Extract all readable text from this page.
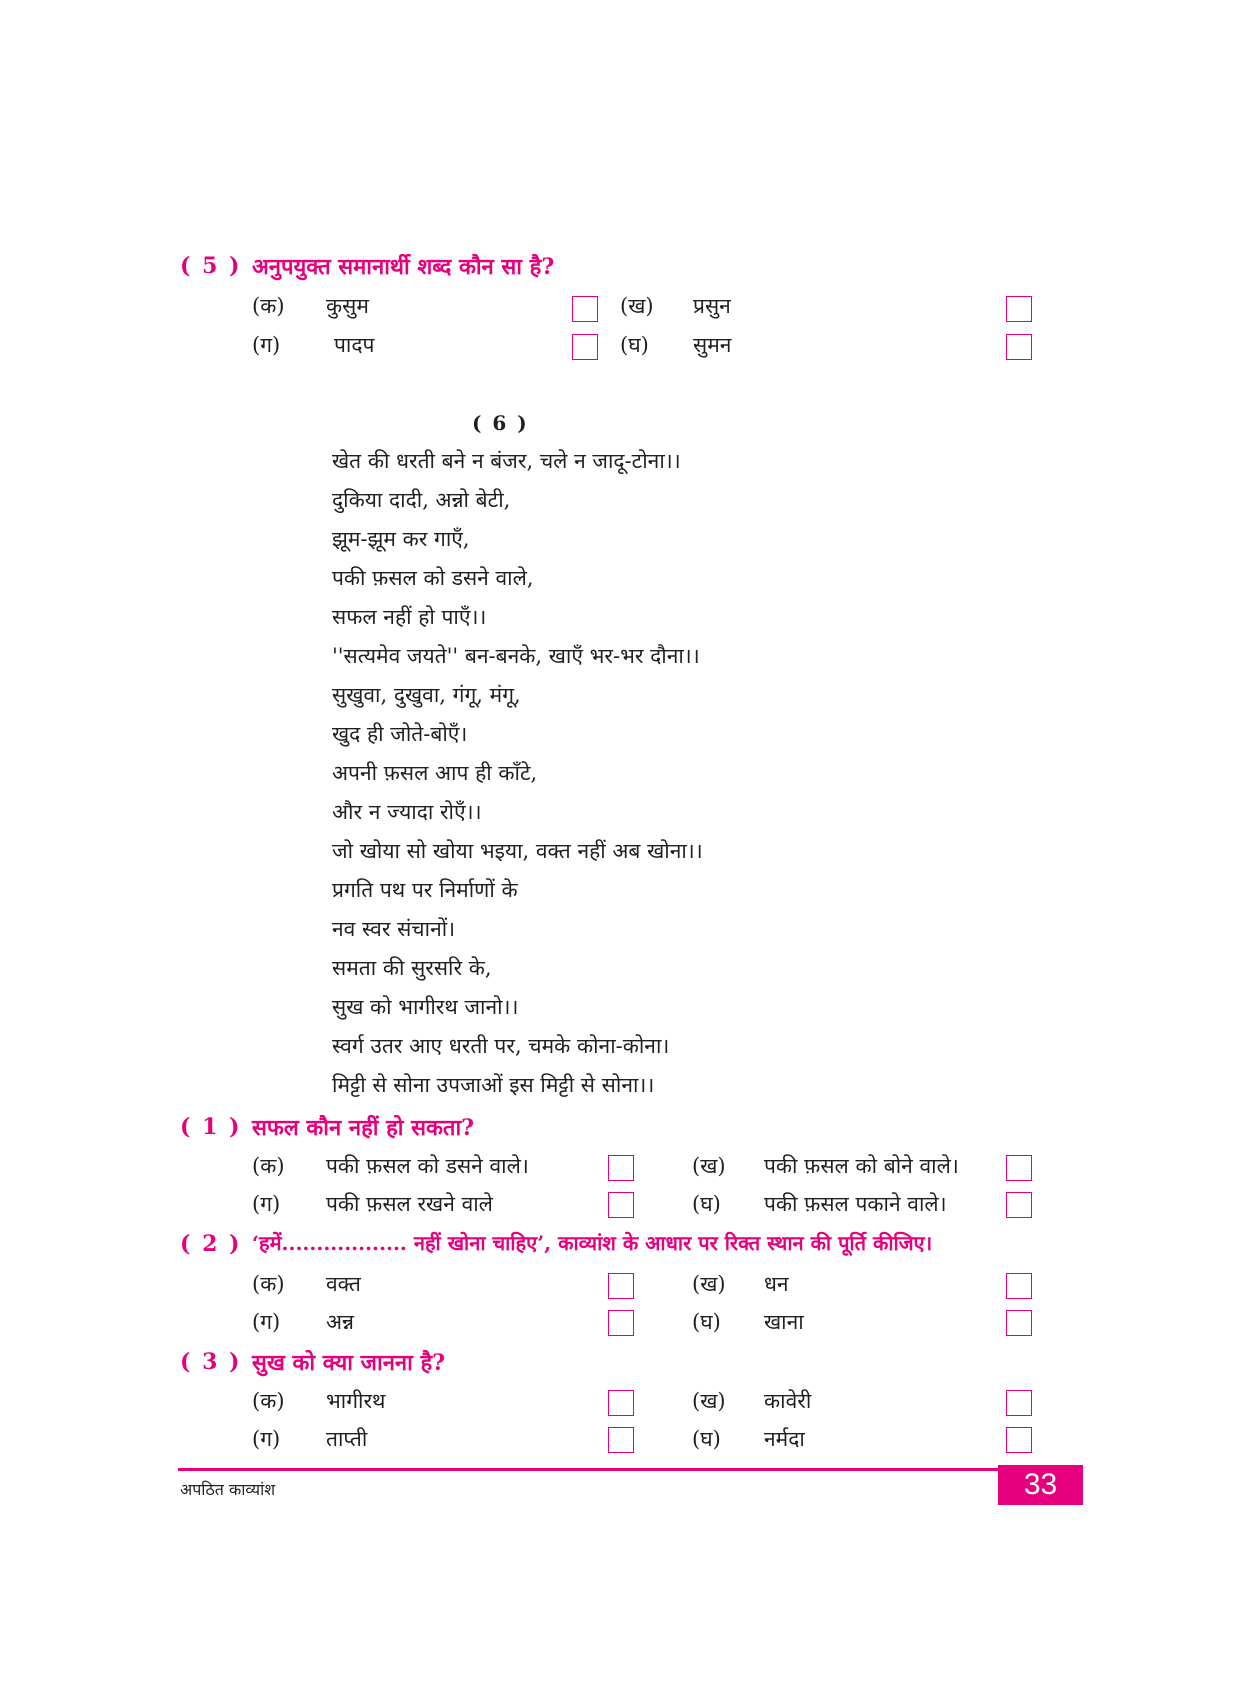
( 5 ) अनुपयुक्त समानार्थी शब्द कौन सा है?
(क) कुसुम	(ख) प्रसुन
(ग)	पादप	(घ) सुमन
( 6 )
खेत की धरती बने न बंजर, चले न जादू-टोना।।
दुकिया दादी, अन्नो बेटी,
झूम-झूम कर गाएँ,
पकी फ़सल को डसने वाले,
सफल नहीं हो पाएँ।।
''सत्यमेव जयते'' बन-बनके, खाएँ भर-भर दौना।।
सुखुवा, दुखुवा, गंगू, मंगू,
खुद ही जोते-बोएँ।
अपनी फ़सल आप ही काँटे,
और न ज्यादा रोएँ।।
जो खोया सो खोया भइया, वक्त नहीं अब खोना।।
प्रगति पथ पर निर्माणों के
नव स्वर संचानों।
समता की सुरसरि के,
सुख को भागीरथ जानो।।
स्वर्ग उतर आए धरती पर, चमके कोना-कोना।
मिट्टी से सोना उपजाओं इस मिट्टी से सोना।।
( 1 ) सफल कौन नहीं हो सकता?
(क) पकी फ़सल को डसने वाले।	(ख) पकी फ़सल को बोने वाले।
(ग) पकी फ़सल रखने वाले	(घ) पकी फ़सल पकाने वाले।
( 2 ) ‘हमें.................. नहीं खोना चाहिए’, काव्यांश के आधार पर रिक्त स्थान की पूर्ति कीजिए।
(क) वक्त	(ख) धन
(ग) अन्न	(घ) खाना
( 3 ) सुख को क्या जानना है?
(क) भागीरथ	(ख) कावेरी
(ग) ताप्ती	(घ) नर्मदा
अपठित काव्यांश	33
